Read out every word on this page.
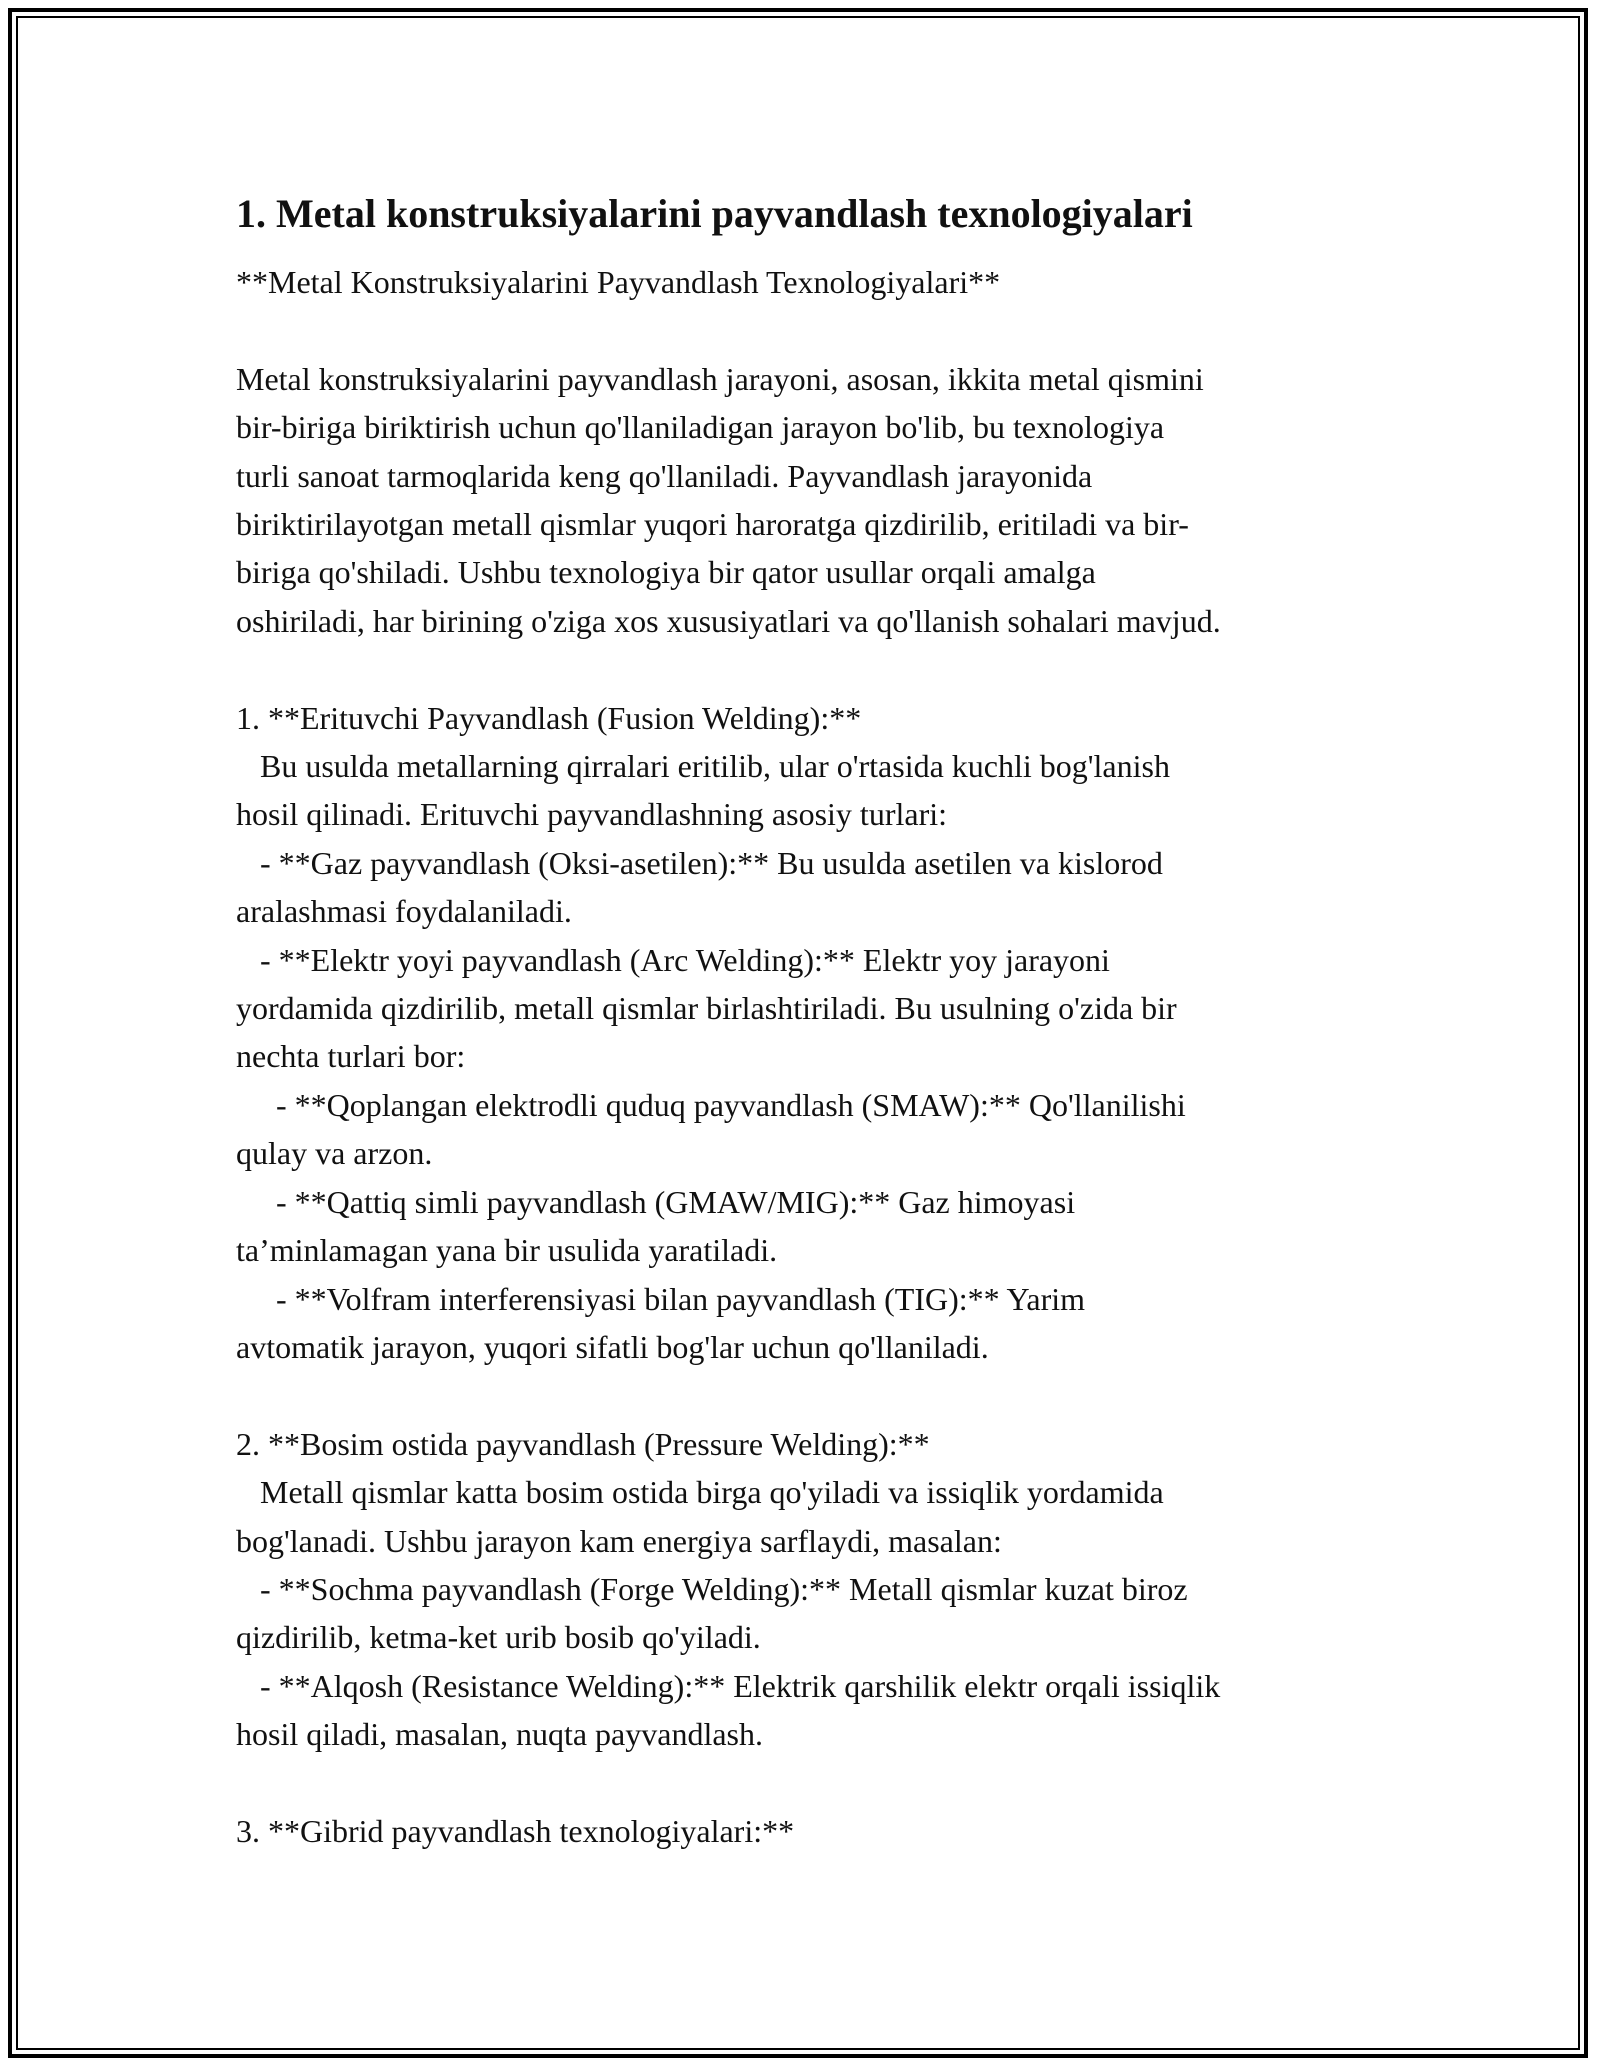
1. Metal konstruksiyalarini payvandlash texnologiyalari

**Metal Konstruksiyalarini Payvandlash Texnologiyalari**

Metal konstruksiyalarini payvandlash jarayoni, asosan, ikkita metal qismini
bir-biriga biriktirish uchun qo'llaniladigan jarayon bo'lib, bu texnologiya
turli sanoat tarmoqlarida keng qo'llaniladi. Payvandlash jarayonida
biriktirilayotgan metall qismlar yuqori haroratga qizdirilib, eritiladi va bir-
biriga qo'shiladi. Ushbu texnologiya bir qator usullar orqali amalga
oshiriladi, har birining o'ziga xos xususiyatlari va qo'llanish sohalari mavjud.

1. **Erituvchi Payvandlash (Fusion Welding):**
Bu usulda metallarning qirralari eritilib, ular o'rtasida kuchli bog'lanish
hosil qilinadi. Erituvchi payvandlashning asosiy turlari:
- **Gaz payvandlash (Oksi-asetilen):** Bu usulda asetilen va kislorod
aralashmasi foydalaniladi.
- **Elektr yoyi payvandlash (Arc Welding):** Elektr yoy jarayoni
yordamida qizdirilib, metall qismlar birlashtiriladi. Bu usulning o'zida bir
nechta turlari bor:
- **Qoplangan elektrodli quduq payvandlash (SMAW):** Qo'llanilishi
qulay va arzon.
- **Qattiq simli payvandlash (GMAW/MIG):** Gaz himoyasi
ta’minlamagan yana bir usulida yaratiladi.
- **Volfram interferensiyasi bilan payvandlash (TIG):** Yarim
avtomatik jarayon, yuqori sifatli bog'lar uchun qo'llaniladi.

2. **Bosim ostida payvandlash (Pressure Welding):**
Metall qismlar katta bosim ostida birga qo'yiladi va issiqlik yordamida
bog'lanadi. Ushbu jarayon kam energiya sarflaydi, masalan:
- **Sochma payvandlash (Forge Welding):** Metall qismlar kuzat biroz
qizdirilib, ketma-ket urib bosib qo'yiladi.
- **Alqosh (Resistance Welding):** Elektrik qarshilik elektr orqali issiqlik
hosil qiladi, masalan, nuqta payvandlash.

3. **Gibrid payvandlash texnologiyalari:**
